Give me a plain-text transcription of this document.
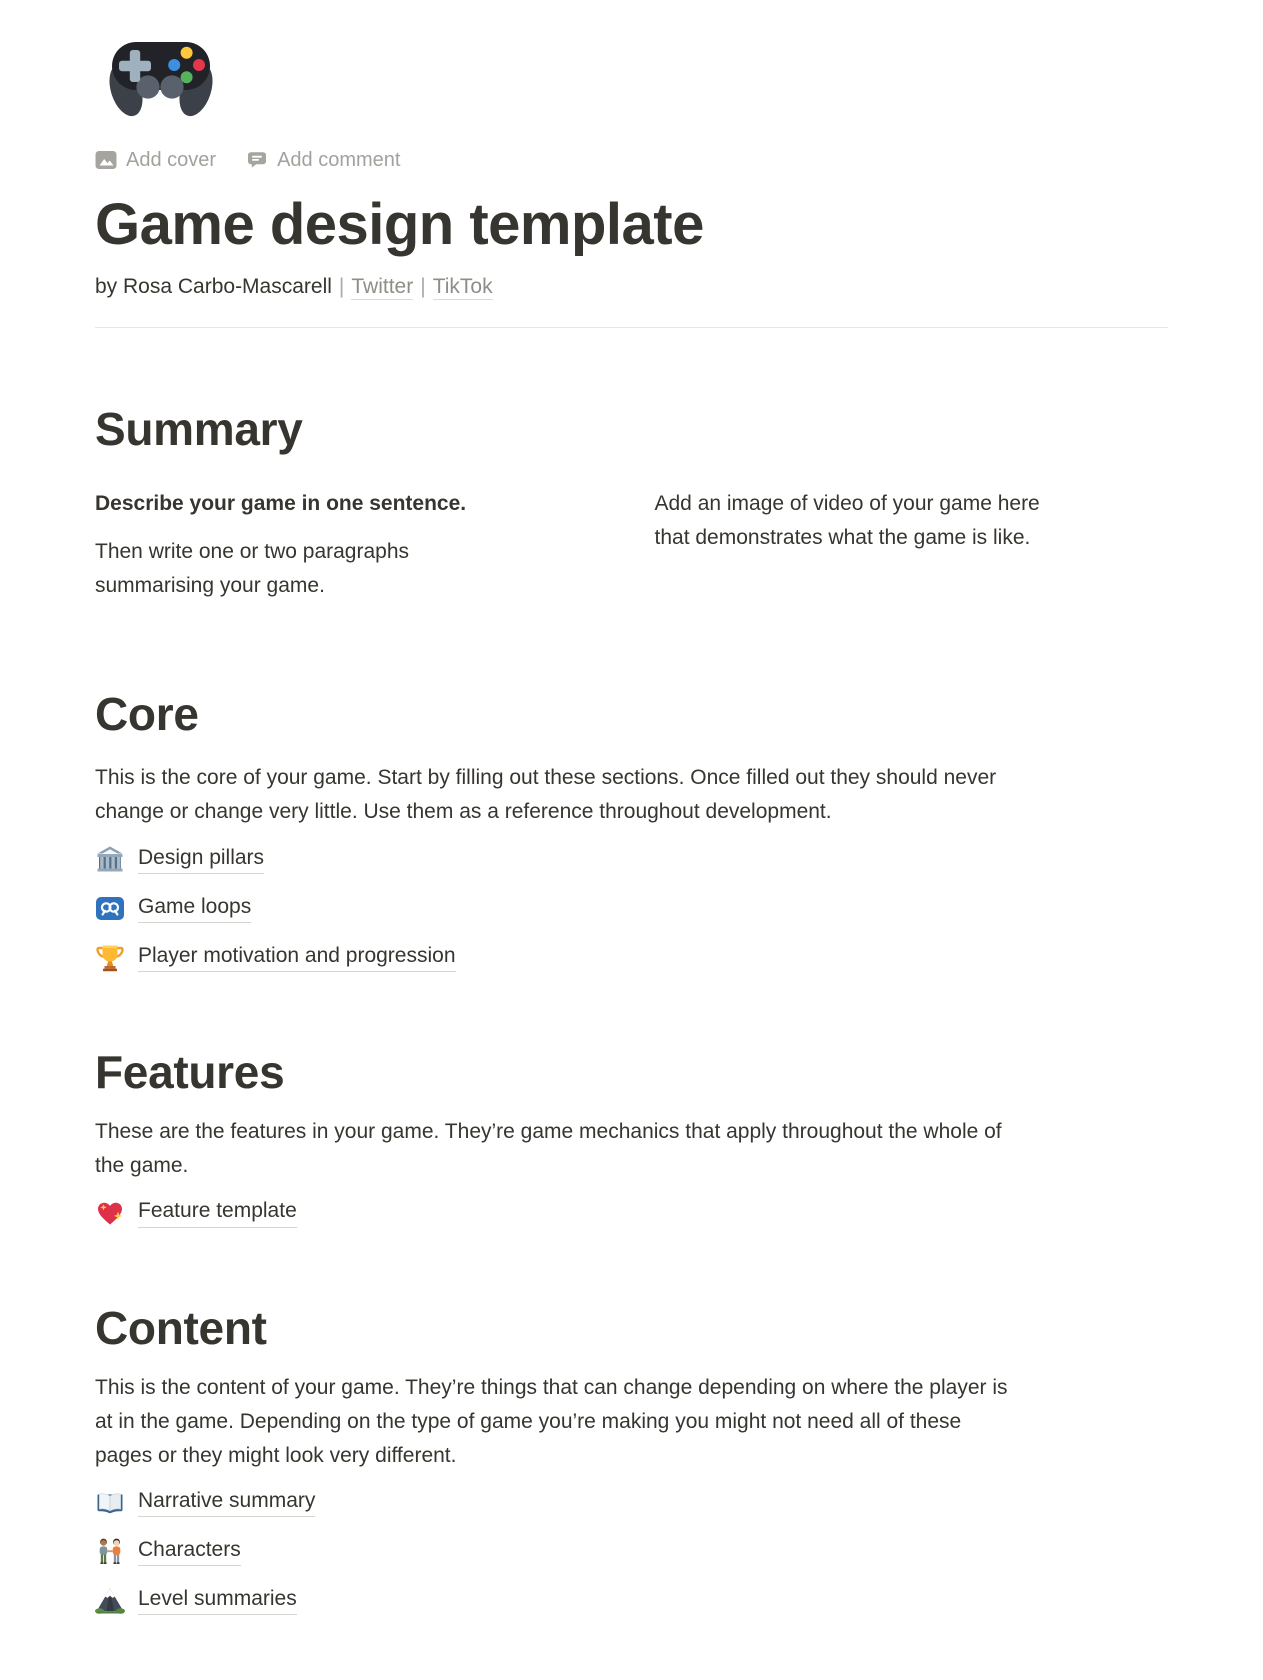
Add cover	Add comment
Game design template
by Rosa Carbo-Mascarell | Twitter | TikTok
Summary

Describe your game in one sentence.

Then write one or two paragraphs
summarising your game.

Add an image of video of your game here
that demonstrates what the game is like.

Core

This is the core of your game. Start by filling out these sections. Once filled out they should never
change or change very little. Use them as a reference throughout development.

Design pillars
Game loops
Player motivation and progression
Features

These are the features in your game. They’re game mechanics that apply throughout the whole of
the game.

Feature template
Content

This is the content of your game. They’re things that can change depending on where the player is
at in the game. Depending on the type of game you’re making you might not need all of these
pages or they might look very different.

Narrative summary
Characters
Level summaries
